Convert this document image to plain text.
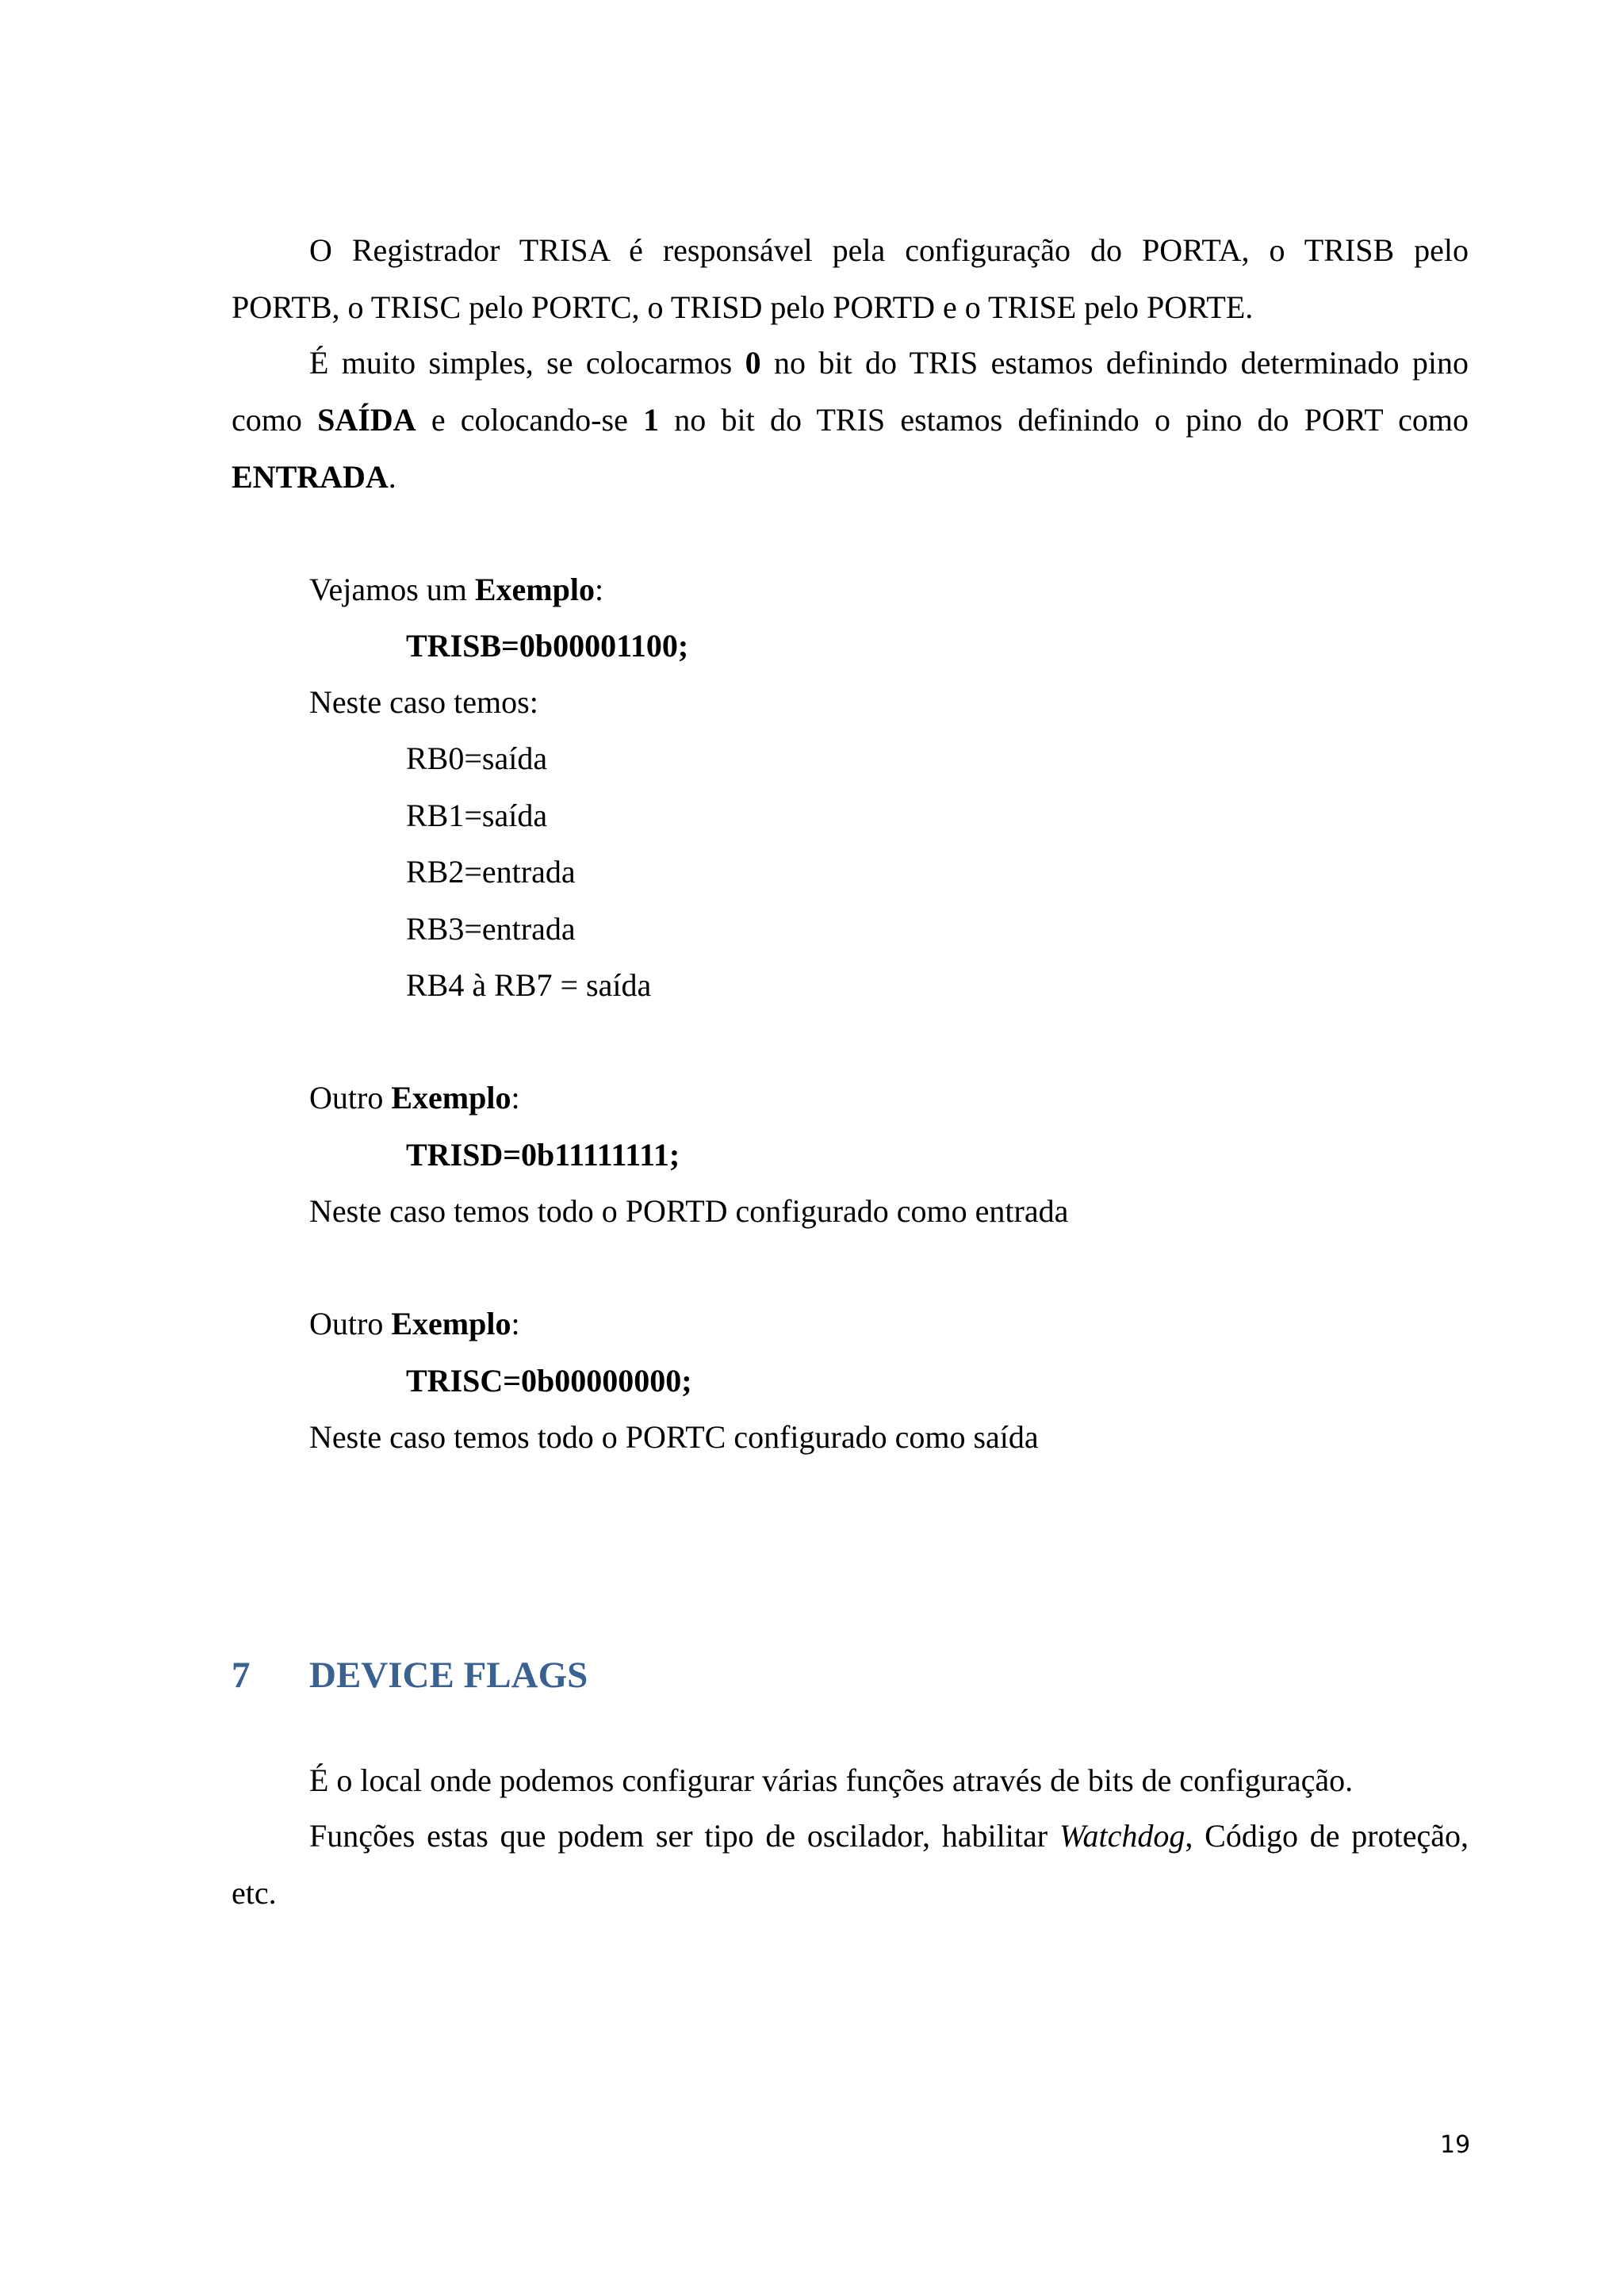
O Registrador TRISA é responsável pela configuração do PORTA, o TRISB pelo
PORTB, o TRISC pelo PORTC, o TRISD pelo PORTD e o TRISE pelo PORTE.
É muito simples, se colocarmos 0 no bit do TRIS estamos definindo determinado pino
como SAÍDA e colocando-se 1 no bit do TRIS estamos definindo o pino do PORT como
ENTRADA.
Vejamos um Exemplo:
TRISB=0b00001100;
Neste caso temos:
RB0=saída
RB1=saída
RB2=entrada
RB3=entrada
RB4 à RB7 = saída
Outro Exemplo:
TRISD=0b11111111;
Neste caso temos todo o PORTD configurado como entrada
Outro Exemplo:
TRISC=0b00000000;
Neste caso temos todo o PORTC configurado como saída
7 DEVICE FLAGS
É o local onde podemos configurar várias funções através de bits de configuração.
Funções estas que podem ser tipo de oscilador, habilitar Watchdog, Código de proteção,
etc.
19
